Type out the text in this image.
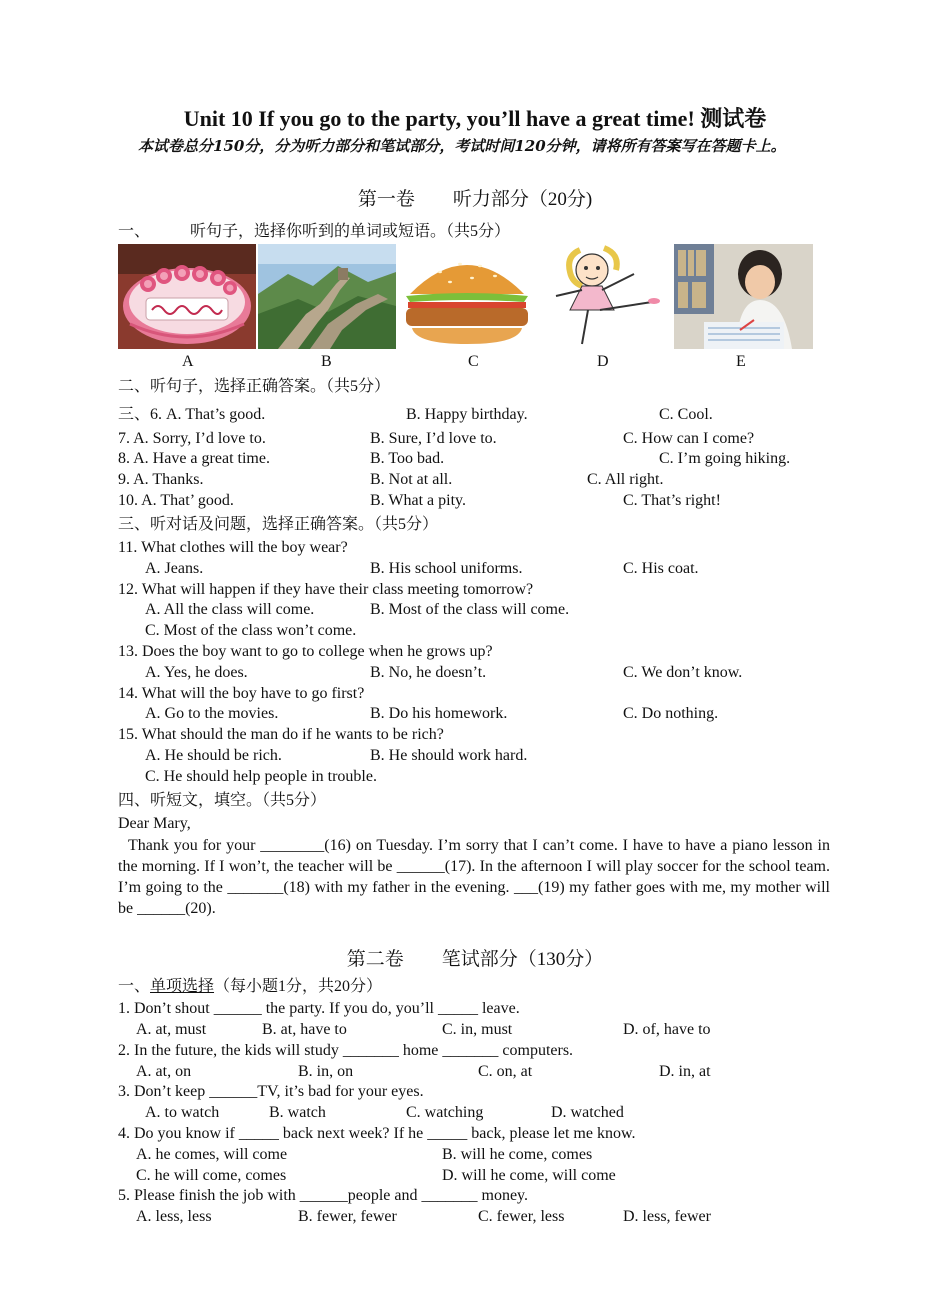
Unit 10 If you go to the party, you’ll have a great time! 测试卷
本试卷总分150分，分为听力部分和笔试部分，考试时间120分钟，请将所有答案写在答题卡上。
第一卷　　听力部分（20分)
一、 听句子，选择你听到的单词或短语。（共5分）
A	B	C	D	E
二、听句子，选择正确答案。（共5分）
三、6. A. That’s good.	B. Happy birthday.	C. Cool.
7. A. Sorry, I’d love to.	B. Sure, I’d love to.	C. How can I come?
8. A. Have a great time.	B. Too bad.	C. I’m going hiking.
9. A. Thanks.	B. Not at all.	C. All right.
10. A. That’ good.	B. What a pity.	C. That’s right!
三、听对话及问题，选择正确答案。（共5分）
11. What clothes will the boy wear?
A. Jeans.	B. His school uniforms.	C. His coat.
12. What will happen if they have their class meeting tomorrow?
A. All the class will come.	B. Most of the class will come.
C. Most of the class won’t come.
13. Does the boy want to go to college when he grows up?
A. Yes, he does.	B. No, he doesn’t.	C. We don’t know.
14. What will the boy have to go first?
A. Go to the movies.	B. Do his homework.	C. Do nothing.
15. What should the man do if he wants to be rich?
A. He should be rich.	B. He should work hard.
C. He should help people in trouble.
四、听短文，填空。（共5分）
Dear Mary,
Thank you for your ________(16) on Tuesday. I’m sorry that I can’t come. I have to have a piano lesson in the morning. If I won’t, the teacher will be ______(17). In the afternoon I will play soccer for the school team. I’m going to the _______(18) with my father in the evening. ___(19) my father goes with me, my mother will be ______(20).
第二卷　　笔试部分（130分）
一、单项选择（每小题1分，共20分）
1. Don’t shout ______ the party. If you do, you’ll _____ leave.
A. at, must	B. at, have to	C. in, must	D. of, have to
2. In the future, the kids will study _______ home _______ computers.
A. at, on	B. in, on	C. on, at	D. in, at
3. Don’t keep ______TV, it’s bad for your eyes.
A. to watch	B. watch	C. watching	D. watched
4. Do you know if _____ back next week? If he _____ back, please let me know.
A. he comes, will come	B. will he come, comes
C. he will come, comes	D. will he come, will come
5. Please finish the job with ______people and _______ money.
A. less, less	B. fewer, fewer	C. fewer, less	D. less, fewer
